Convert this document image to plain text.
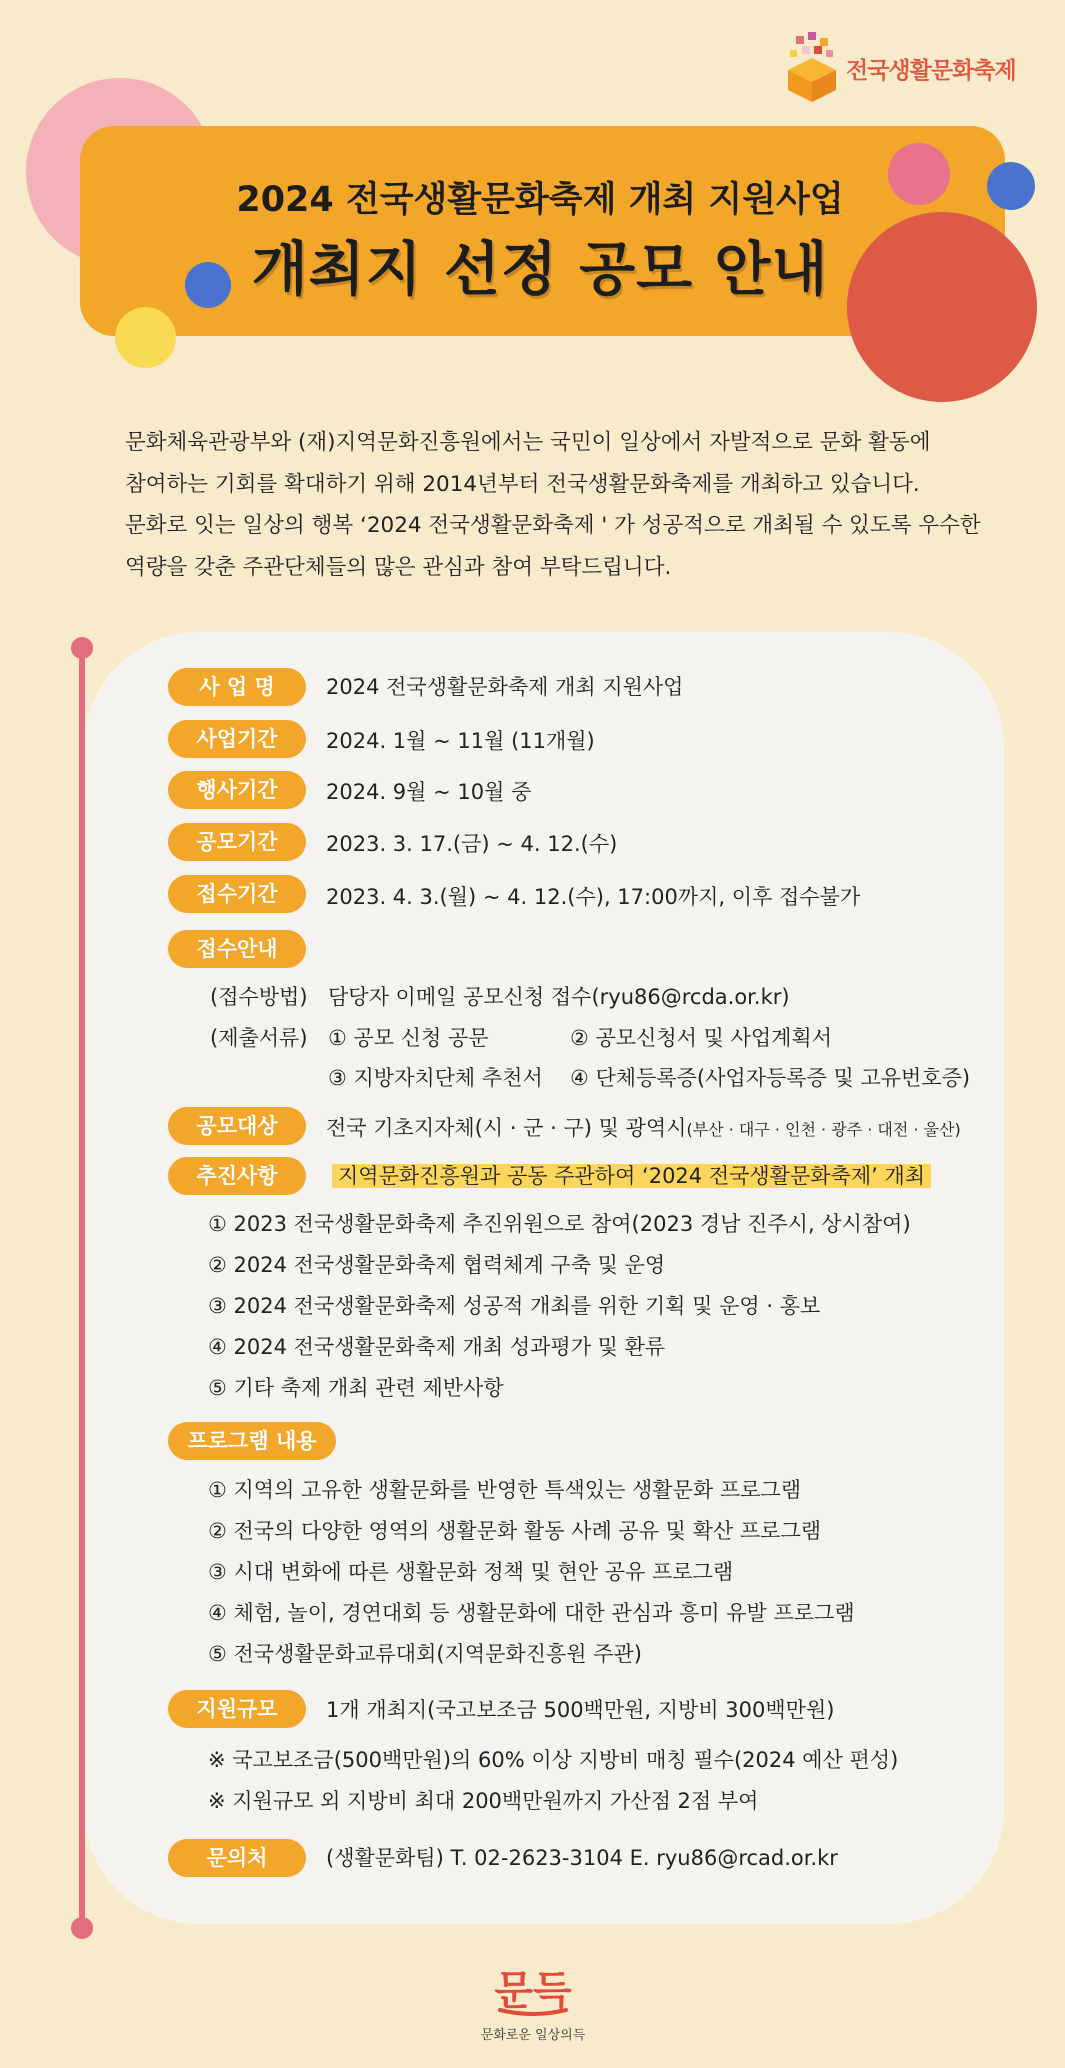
전국생활문화축제
2024 전국생활문화축제 개최 지원사업
개최지 선정 공모 안내
문화체육관광부와 (재)지역문화진흥원에서는 국민이 일상에서 자발적으로 문화 활동에
참여하는 기회를 확대하기 위해 2014년부터 전국생활문화축제를 개최하고 있습니다.
문화로 잇는 일상의 행복 ‘2024 전국생활문화축제 ' 가 성공적으로 개최될 수 있도록 우수한
역량을 갖춘 주관단체들의 많은 관심과 참여 부탁드립니다.
사 업 명	2024 전국생활문화축제 개최 지원사업
사업기간	2024. 1월 ~ 11월 (11개월)
행사기간	2024. 9월 ~ 10월 중
공모기간	2023. 3. 17.(금) ~ 4. 12.(수)
접수기간	2023. 4. 3.(월) ~ 4. 12.(수), 17:00까지, 이후 접수불가
접수안내
(접수방법) 담당자 이메일 공모신청 접수(ryu86@rcda.or.kr)
(제출서류) ① 공모 신청 공문	② 공모신청서 및 사업계획서
③ 지방자치단체 추천서 ④ 단체등록증(사업자등록증 및 고유번호증)
공모대상	전국 기초지자체(시 · 군 · 구) 및 광역시(부산 · 대구 · 인천 · 광주 · 대전 · 울산)
추진사항	지역문화진흥원과 공동 주관하여 ‘2024 전국생활문화축제’ 개최
① 2023 전국생활문화축제 추진위원으로 참여(2023 경남 진주시, 상시참여)
② 2024 전국생활문화축제 협력체계 구축 및 운영
③ 2024 전국생활문화축제 성공적 개최를 위한 기획 및 운영 · 홍보
④ 2024 전국생활문화축제 개최 성과평가 및 환류
⑤ 기타 축제 개최 관련 제반사항
프로그램 내용
① 지역의 고유한 생활문화를 반영한 특색있는 생활문화 프로그램
② 전국의 다양한 영역의 생활문화 활동 사례 공유 및 확산 프로그램
③ 시대 변화에 따른 생활문화 정책 및 현안 공유 프로그램
④ 체험, 놀이, 경연대회 등 생활문화에 대한 관심과 흥미 유발 프로그램
⑤ 전국생활문화교류대회(지역문화진흥원 주관)
지원규모	1개 개최지(국고보조금 500백만원, 지방비 300백만원)
※ 국고보조금(500백만원)의 60% 이상 지방비 매칭 필수(2024 예산 편성)
※ 지원규모 외 지방비 최대 200백만원까지 가산점 2점 부여
문의처	(생활문화팀) T. 02-2623-3104 E. ryu86@rcad.or.kr
문득
문화로운 일상의득
